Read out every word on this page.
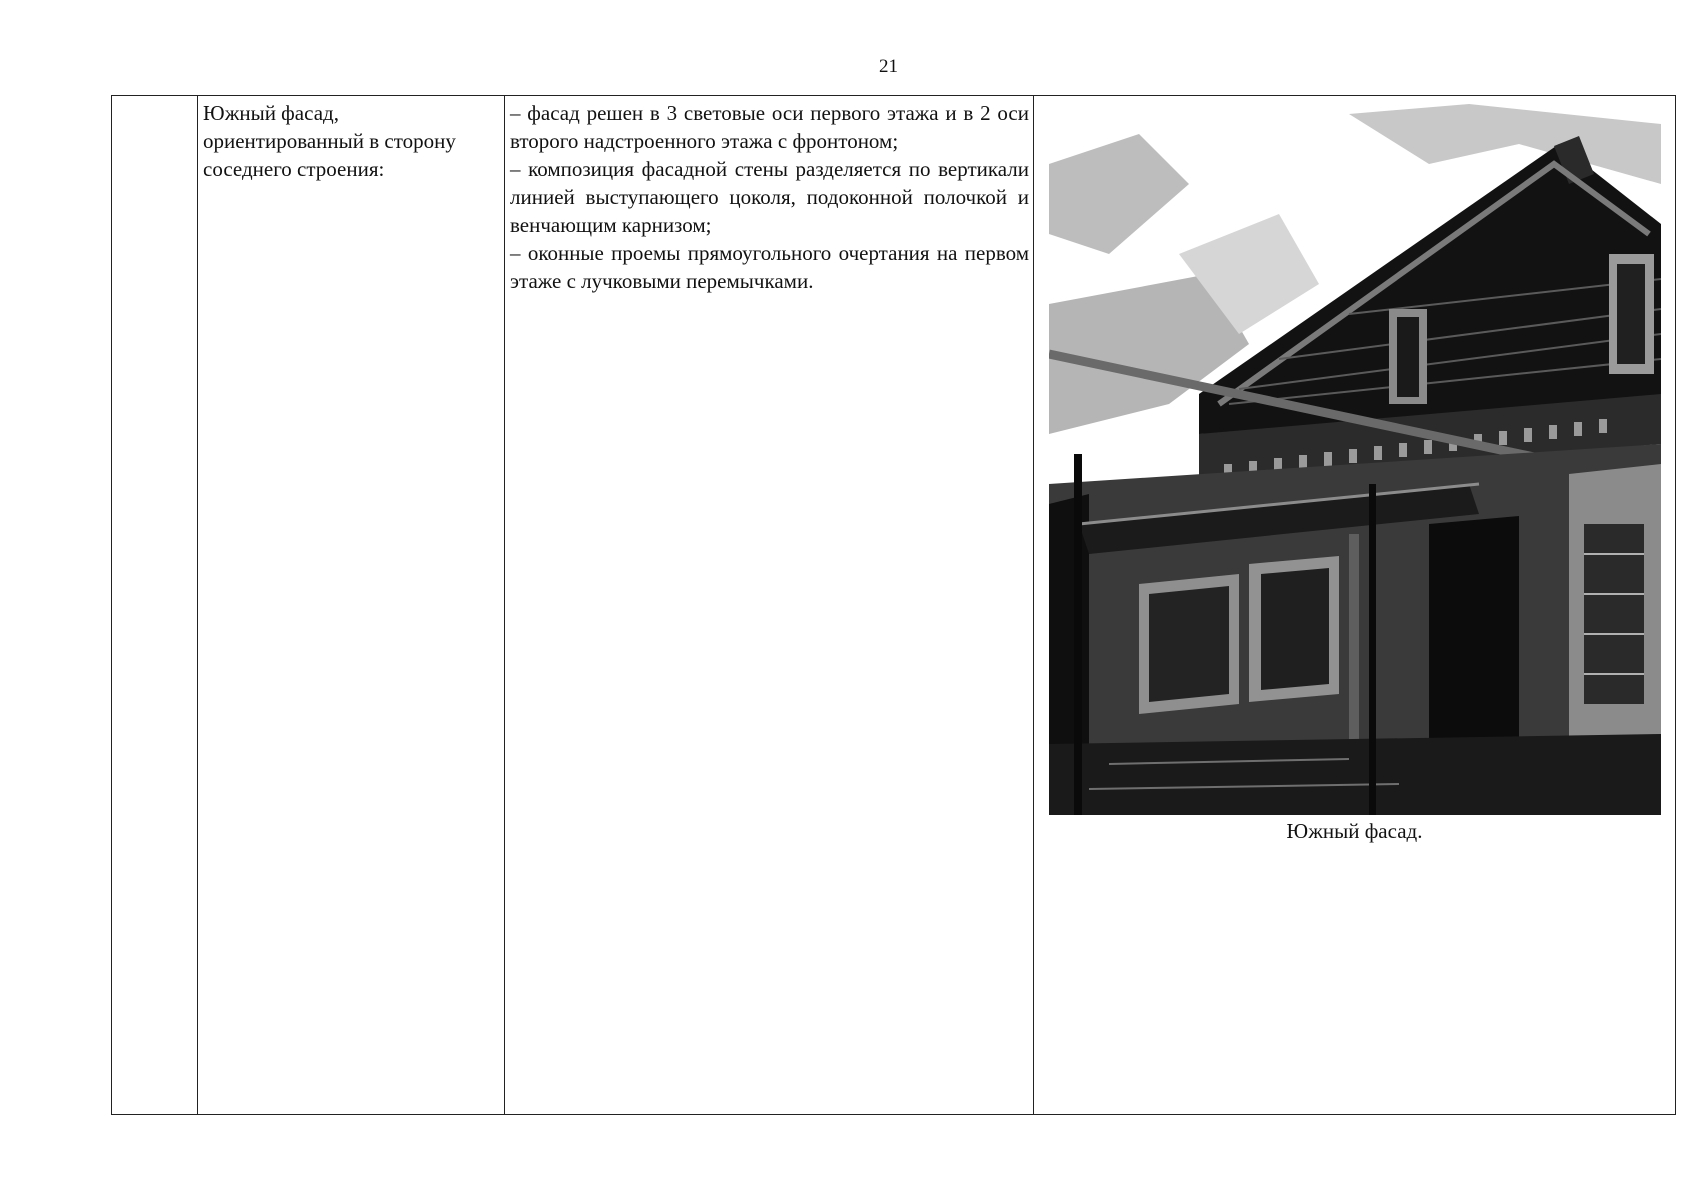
21

Южный фасад, ориентированный в сторону соседнего строения:

– фасад решен в 3 световые оси первого этажа и в 2 оси второго надстроенного этажа с фронтоном;
– композиция фасадной стены разделяется по вертикали линией выступающего цоколя, подоконной полочкой и венчающим карнизом;
– оконные проемы прямоугольного очертания на первом этаже с лучковыми перемычками.

Южный фасад.
